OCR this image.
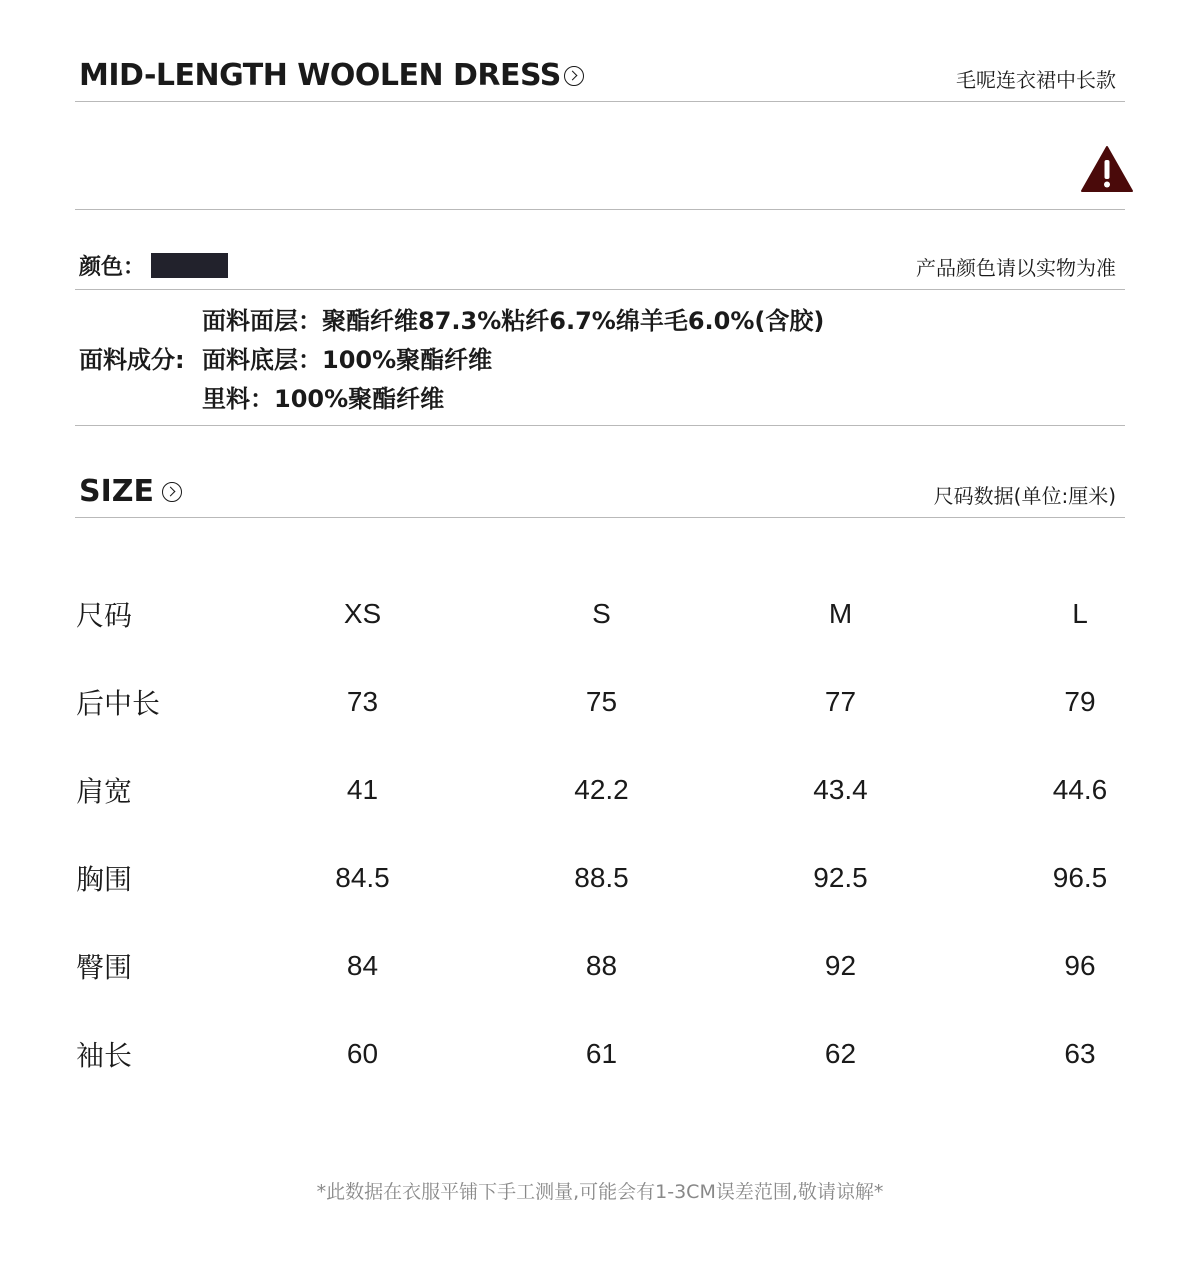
MID-LENGTH WOOLEN DRESS	毛呢连衣裙中长款
颜色：	产品颜色请以实物为准
面料面层：聚酯纤维87.3%粘纤6.7%绵羊毛6.0%(含胶)
面料成分: 面料底层：100%聚酯纤维
里料：100%聚酯纤维
SIZE	尺码数据(单位:厘米)
尺码	XS	S	M	L
后中长	73	75	77	79
肩宽	41	42.2	43.4	44.6
胸围	84.5	88.5	92.5	96.5
臀围	84	88	92	96
袖长	60	61	62	63
*此数据在衣服平铺下手工测量,可能会有1-3CM误差范围,敬请谅解*
